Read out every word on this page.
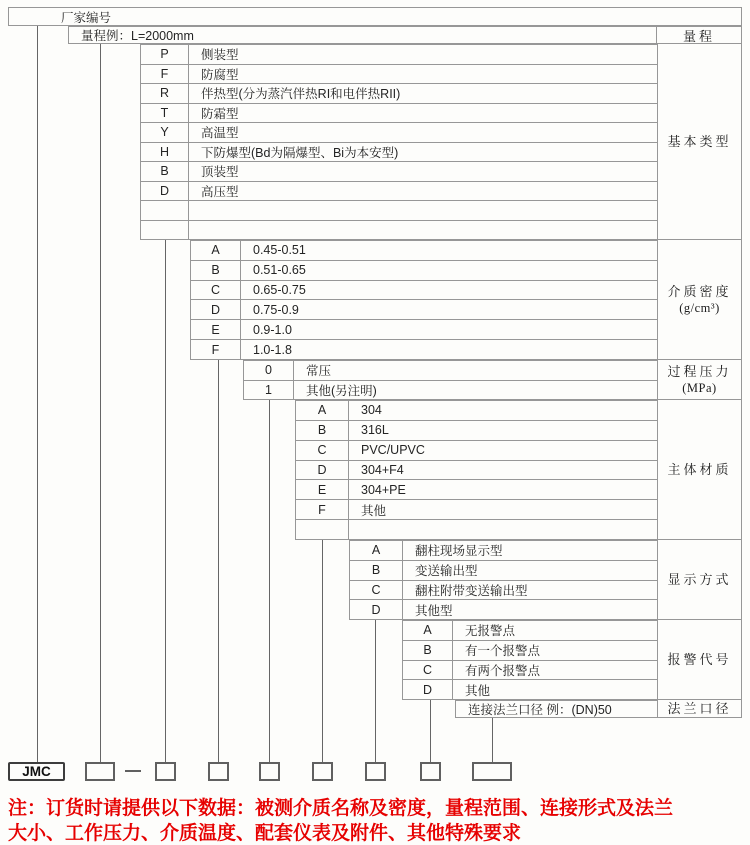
厂家编号
量程例：L=2000mm	量程
P	侧装型
F	防腐型
R	伴热型(分为蒸汽伴热RI和电伴热RII)
T	防霜型
Y	高温型
H	下防爆型(Bd为隔爆型、Bi为本安型)
B	顶装型
D	高压型
A	0.45-0.51
B	0.51-0.65
C	0.65-0.75
D	0.75-0.9
E	0.9-1.0
F	1.0-1.8
0	常压
1	其他(另注明)
A	304
B	316L
C	PVC/UPVC
D	304+F4
E	304+PE
F	其他
A	翻柱现场显示型
B	变送输出型
C	翻柱附带变送输出型
D	其他型
A	无报警点
B	有一个报警点
C	有两个报警点
D	其他
连接法兰口径 例：(DN)50
基本类型
介质密度
(g/cm³)
过程压力
(MPa)
主体材质
显示方式
报警代号
法兰口径
JMC
注：订货时请提供以下数据：被测介质名称及密度，量程范围、连接形式及法兰
大小、工作压力、介质温度、配套仪表及附件、其他特殊要求
